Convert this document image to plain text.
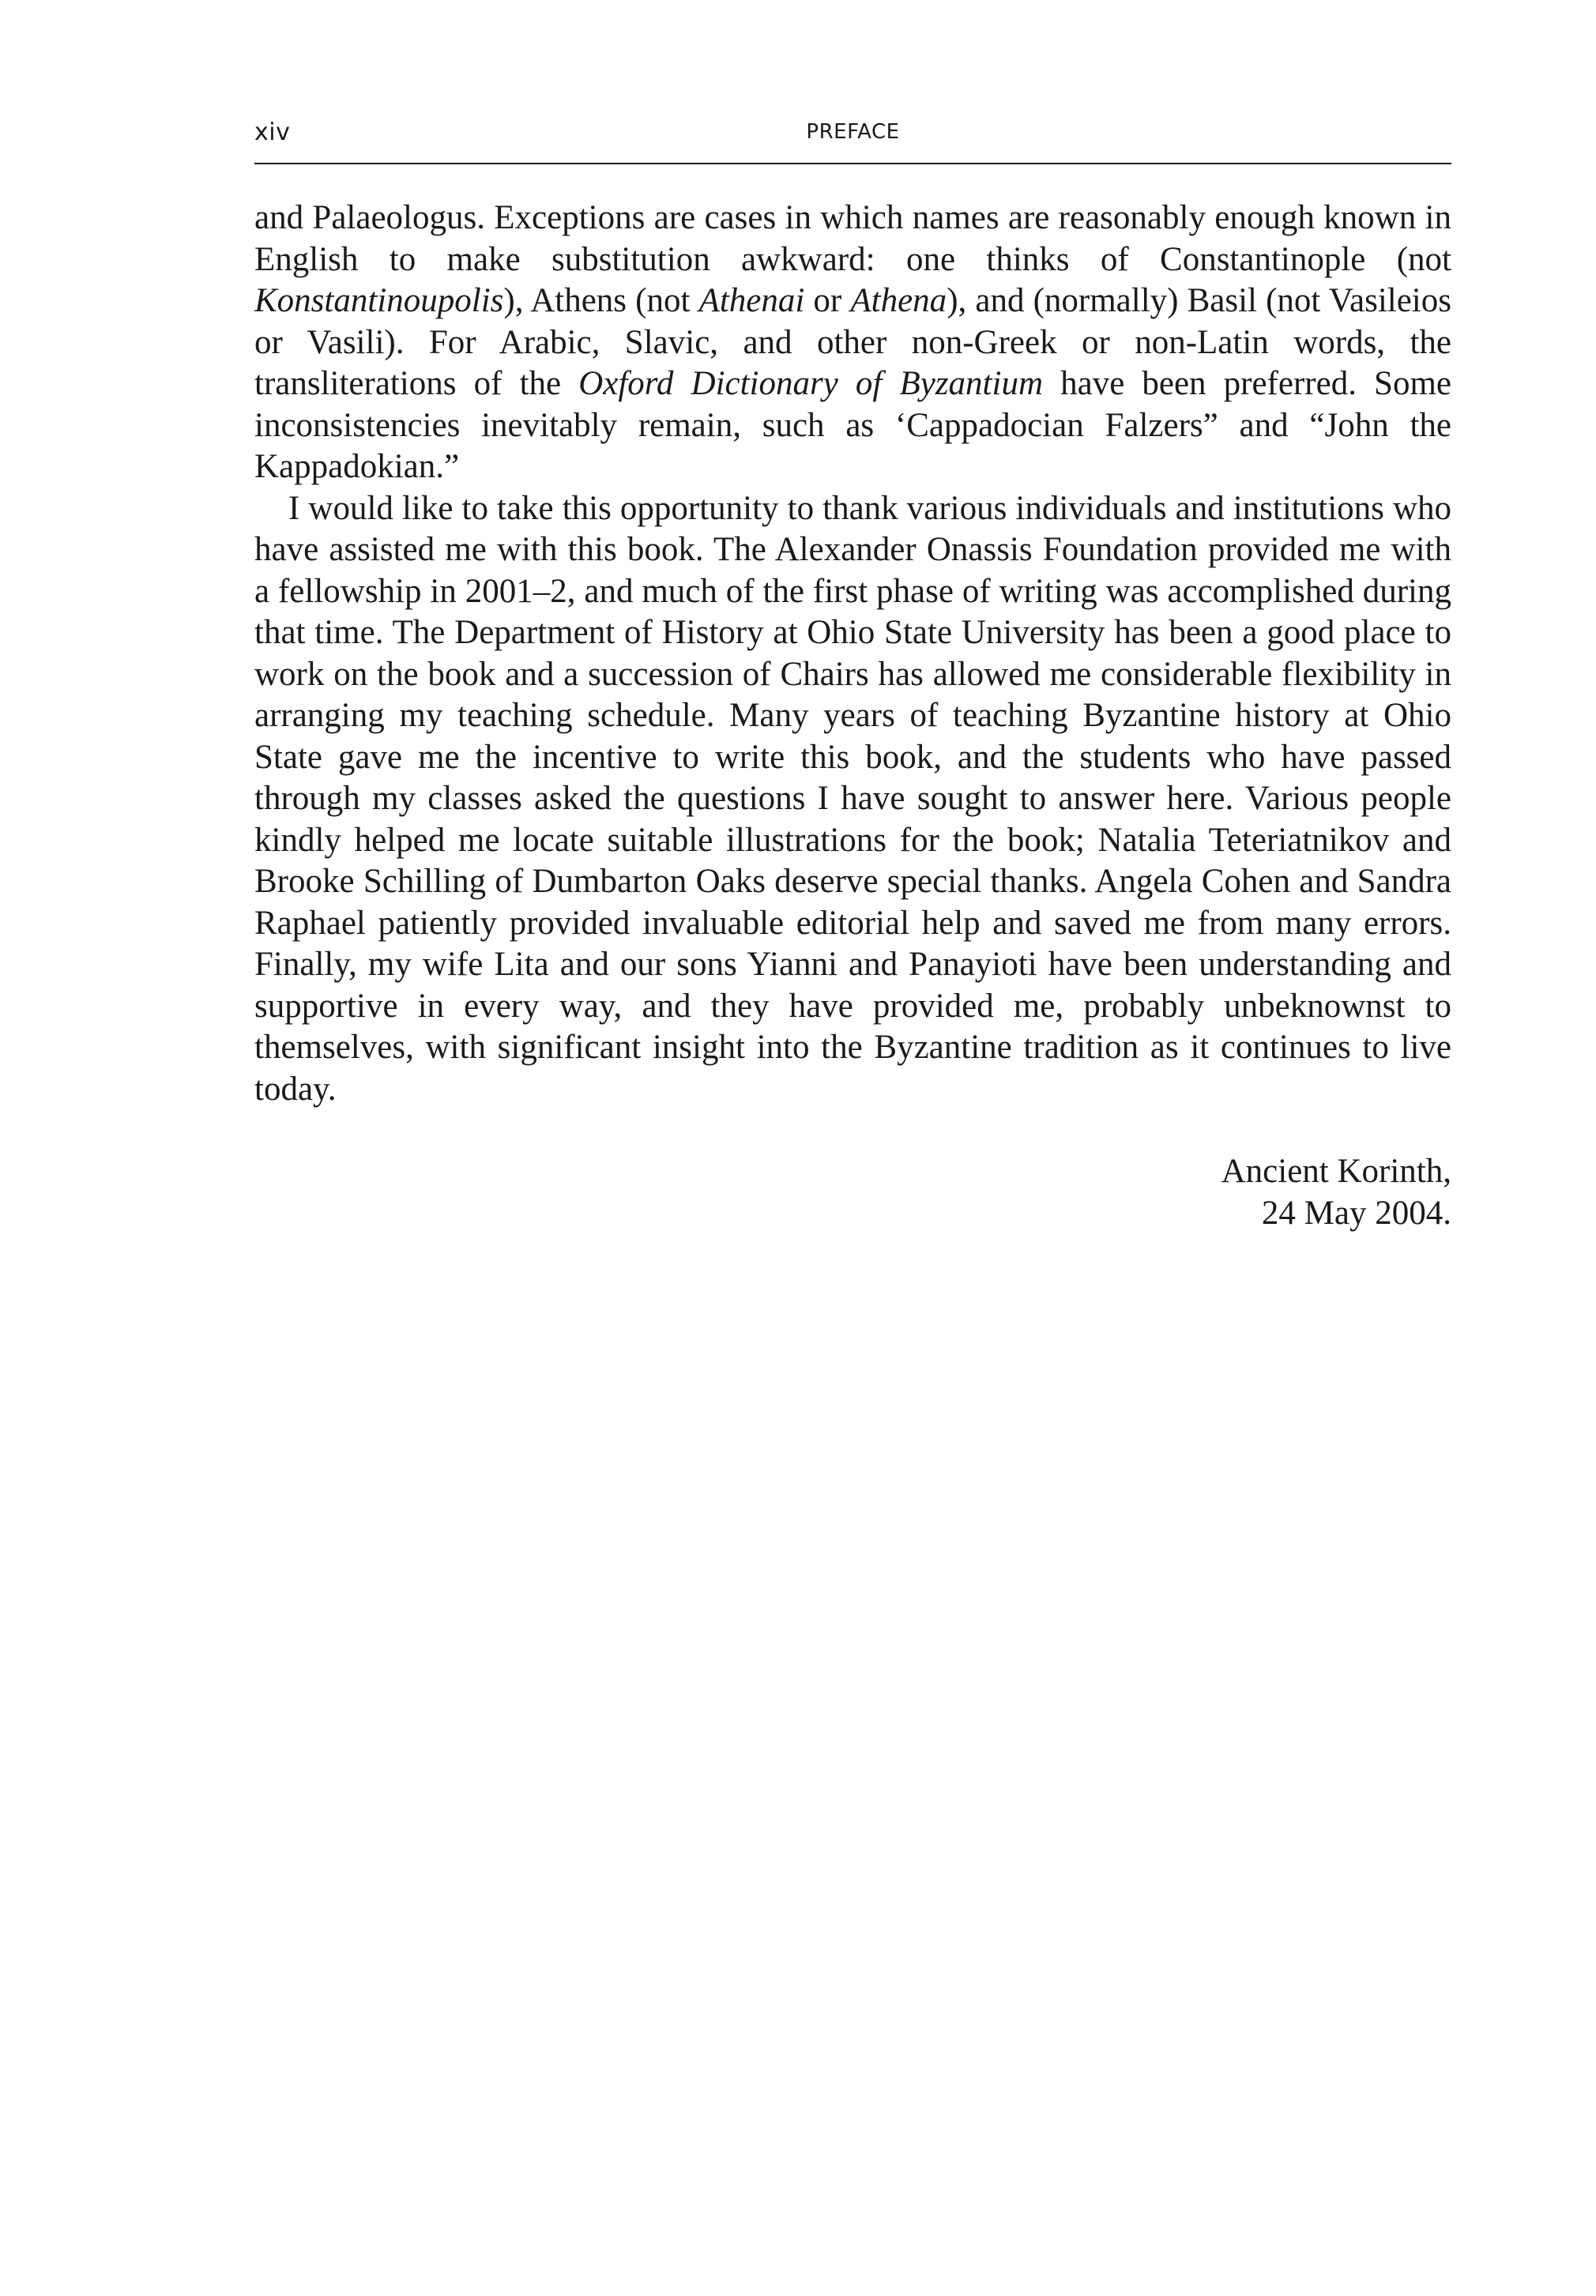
xiv	PREFACE

and Palaeologus. Exceptions are cases in which names are reasonably enough known in English to make substitution awkward: one thinks of Constantinople (not Konstantinoupolis), Athens (not Athenai or Athena), and (normally) Basil (not Vasileios or Vasili). For Arabic, Slavic, and other non-Greek or non-Latin words, the transliterations of the Oxford Dictionary of Byzantium have been preferred. Some inconsistencies inevitably remain, such as ‘Cappadocian Falzers” and “John the Kappadokian.”

I would like to take this opportunity to thank various individuals and institutions who have assisted me with this book. The Alexander Onassis Foundation provided me with a fellowship in 2001–2, and much of the first phase of writing was accomplished during that time. The Department of History at Ohio State University has been a good place to work on the book and a succession of Chairs has allowed me considerable flexibility in arranging my teaching schedule. Many years of teaching Byzantine history at Ohio State gave me the incentive to write this book, and the students who have passed through my classes asked the questions I have sought to answer here. Various people kindly helped me locate suitable illustrations for the book; Natalia Teteriatnikov and Brooke Schilling of Dumbarton Oaks deserve special thanks. Angela Cohen and Sandra Raphael patiently provided invaluable editorial help and saved me from many errors. Finally, my wife Lita and our sons Yianni and Panayioti have been understanding and supportive in every way, and they have provided me, probably unbeknownst to themselves, with significant insight into the Byzantine tradition as it continues to live today.

Ancient Korinth,
24 May 2004.
